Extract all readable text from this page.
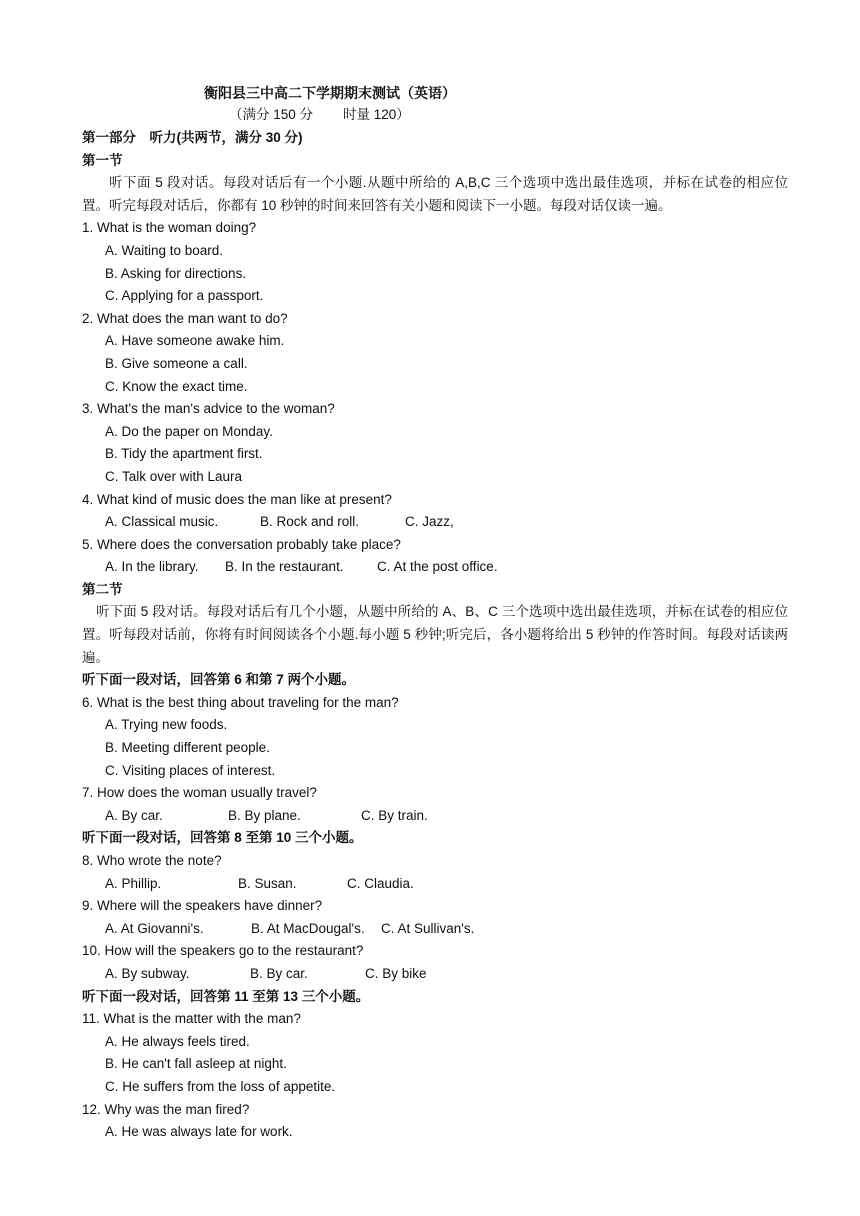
衡阳县三中高二下学期期末测试（英语）
（满分 150 分 时量 120）
第一部分　听力(共两节，满分 30 分)
第一节
听下面 5 段对话。每段对话后有一个小题.从题中所给的 A,B,C 三个选项中选出最佳选项，并标在试卷的相应位置。听完每段对话后，你都有 10 秒钟的时间来回答有关小题和阅读下一小题。每段对话仅读一遍。
1. What is the woman doing?
A. Waiting to board.
B. Asking for directions.
C. Applying for a passport.
2. What does the man want to do?
A. Have someone awake him.
B. Give someone a call.
C. Know the exact time.
3. What's the man's advice to the woman?
A. Do the paper on Monday.
B. Tidy the apartment first.
C. Talk over with Laura
4. What kind of music does the man like at present?
A. Classical music.	B. Rock and roll.	C. Jazz,
5. Where does the conversation probably take place?
A. In the library.	B. In the restaurant.	C. At the post office.
第二节
听下面 5 段对话。每段对话后有几个小题，从题中所给的 A、B、C 三个选项中选出最佳选项，并标在试卷的相应位置。听每段对话前，你将有时间阅读各个小题.每小题 5 秒钟;听完后，各小题将给出 5 秒钟的作答时间。每段对话读两遍。
听下面一段对话，回答第 6 和第 7 两个小题。
6. What is the best thing about traveling for the man?
A. Trying new foods.
B. Meeting different people.
C. Visiting places of interest.
7. How does the woman usually travel?
A. By car.	B. By plane.	C. By train.
听下面一段对话，回答第 8 至第 10 三个小题。
8. Who wrote the note?
A. Phillip.	B. Susan.	C. Claudia.
9. Where will the speakers have dinner?
A. At Giovanni's.	B. At MacDougal's.	C. At Sullivan's.
10. How will the speakers go to the restaurant?
A. By subway.	B. By car.	C. By bike
听下面一段对话，回答第 11 至第 13 三个小题。
11. What is the matter with the man?
A. He always feels tired.
B. He can't fall asleep at night.
C. He suffers from the loss of appetite.
12. Why was the man fired?
A. He was always late for work.
